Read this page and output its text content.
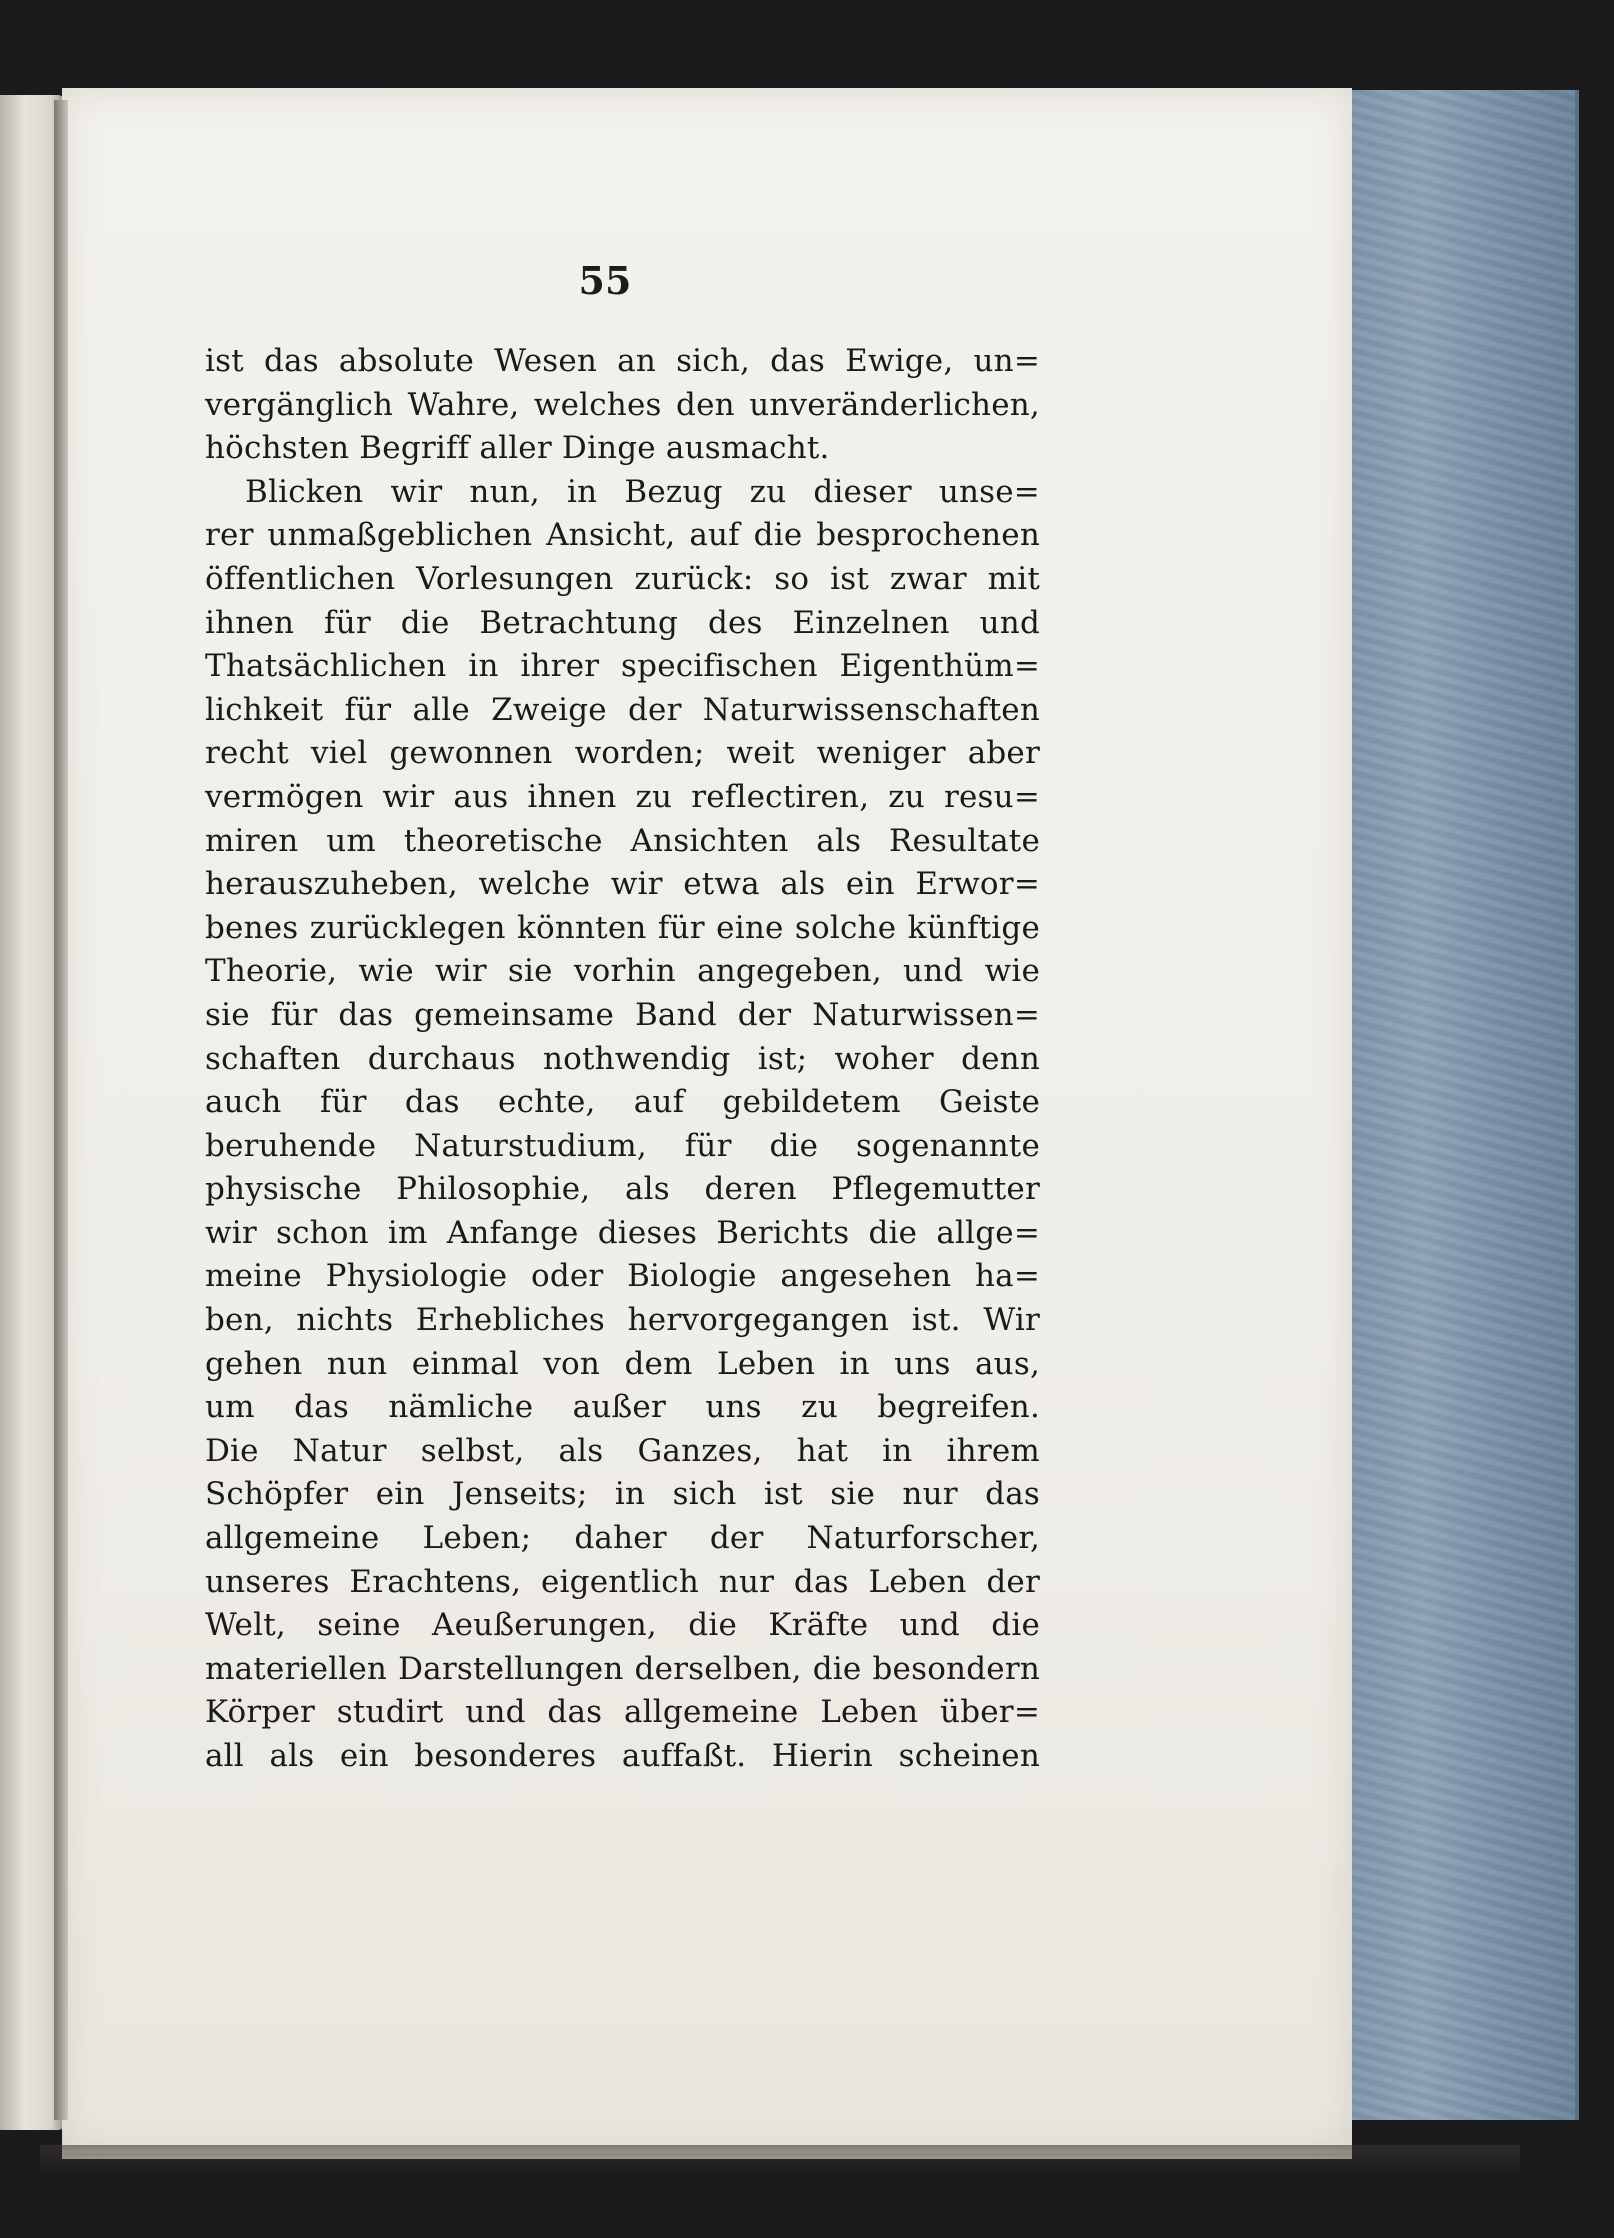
55
ist das absolute Wesen an sich, das Ewige, un=
vergänglich Wahre, welches den unveränderlichen,
höchsten Begriff aller Dinge ausmacht.
Blicken wir nun, in Bezug zu dieser unse=
rer unmaßgeblichen Ansicht, auf die besprochenen
öffentlichen Vorlesungen zurück: so ist zwar mit
ihnen für die Betrachtung des Einzelnen und
Thatsächlichen in ihrer specifischen Eigenthüm=
lichkeit für alle Zweige der Naturwissenschaften
recht viel gewonnen worden; weit weniger aber
vermögen wir aus ihnen zu reflectiren, zu resu=
miren um theoretische Ansichten als Resultate
herauszuheben, welche wir etwa als ein Erwor=
benes zurücklegen könnten für eine solche künftige
Theorie, wie wir sie vorhin angegeben, und wie
sie für das gemeinsame Band der Naturwissen=
schaften durchaus nothwendig ist; woher denn
auch für das echte, auf gebildetem Geiste
beruhende Naturstudium, für die sogenannte
physische Philosophie, als deren Pflegemutter
wir schon im Anfange dieses Berichts die allge=
meine Physiologie oder Biologie angesehen ha=
ben, nichts Erhebliches hervorgegangen ist. Wir
gehen nun einmal von dem Leben in uns aus,
um das nämliche außer uns zu begreifen.
Die Natur selbst, als Ganzes, hat in ihrem
Schöpfer ein Jenseits; in sich ist sie nur das
allgemeine Leben; daher der Naturforscher,
unseres Erachtens, eigentlich nur das Leben der
Welt, seine Aeußerungen, die Kräfte und die
materiellen Darstellungen derselben, die besondern
Körper studirt und das allgemeine Leben über=
all als ein besonderes auffaßt. Hierin scheinen
